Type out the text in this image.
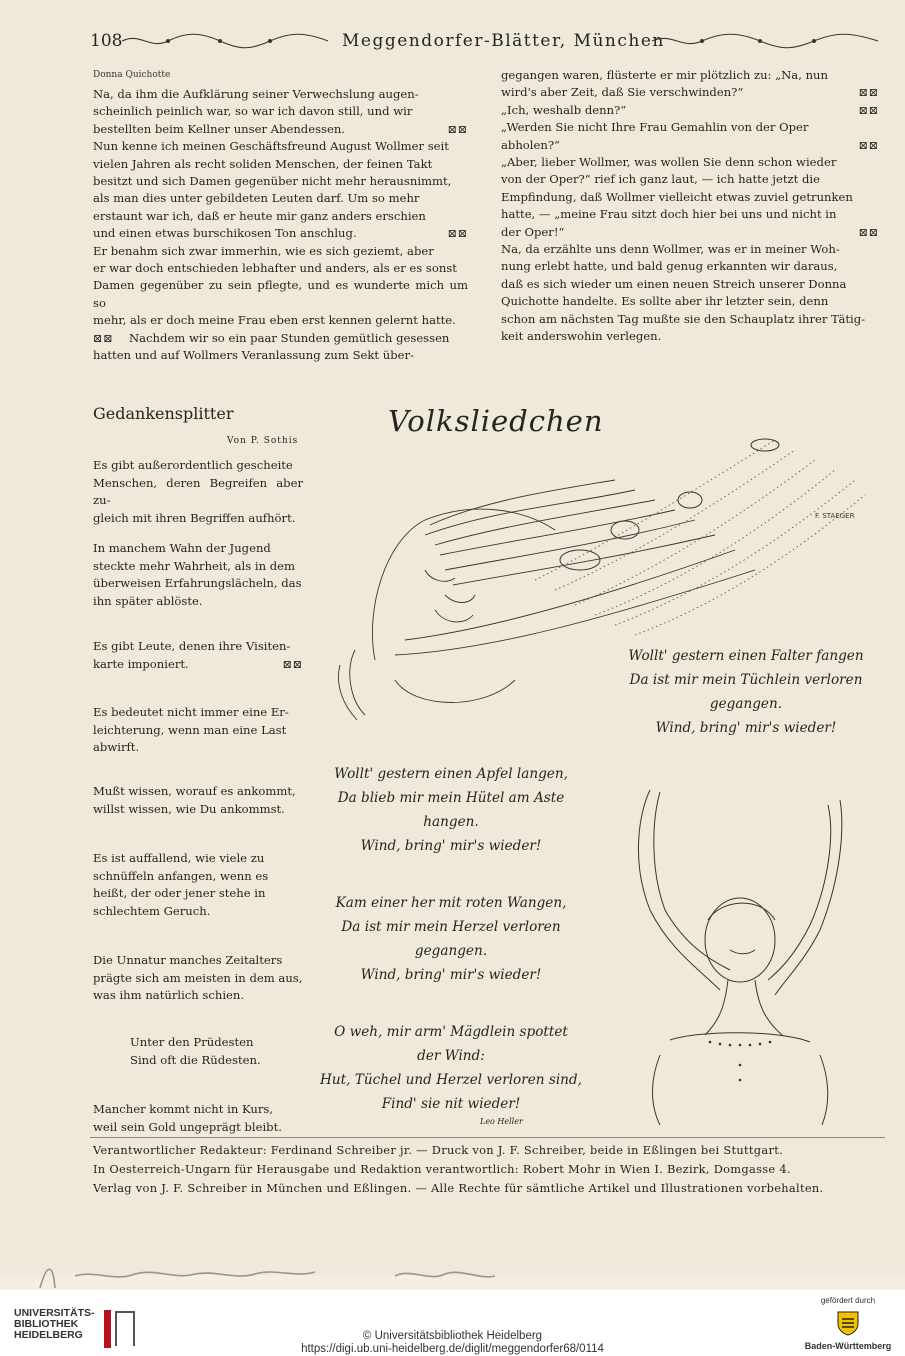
108	Meggendorfer-Blätter, München
Donna Quichotte

Na, da ihm die Aufklärung seiner Verwechslung augen-

scheinlich peinlich war, so war ich davon still, und wir

bestellten beim Kellner unser Abendessen.	⊠⊠

Nun kenne ich meinen Geschäftsfreund August Wollmer seit

vielen Jahren als recht soliden Menschen, der feinen Takt

besitzt und sich Damen gegenüber nicht mehr herausnimmt,

als man dies unter gebildeten Leuten darf. Um so mehr

erstaunt war ich, daß er heute mir ganz anders erschien

und einen etwas burschikosen Ton anschlug.	⊠⊠

Er benahm sich zwar immerhin, wie es sich geziemt, aber

er war doch entschieden lebhafter und anders, als er es sonst

Damen gegenüber zu sein pflegte, und es wunderte mich um so

mehr, als er doch meine Frau eben erst kennen gelernt hatte.

⊠⊠ Nachdem wir so ein paar Stunden gemütlich gesessen

hatten und auf Wollmers Veranlassung zum Sekt über-

gegangen waren, flüsterte er mir plötzlich zu: „Na, nun

wird's aber Zeit, daß Sie verschwinden?“	⊠⊠

„Ich, weshalb denn?“	⊠⊠

„Werden Sie nicht Ihre Frau Gemahlin von der Oper

abholen?“	⊠⊠

„Aber, lieber Wollmer, was wollen Sie denn schon wieder

von der Oper?“ rief ich ganz laut, — ich hatte jetzt die

Empfindung, daß Wollmer vielleicht etwas zuviel getrunken

hatte, — „meine Frau sitzt doch hier bei uns und nicht in

der Oper!“	⊠⊠

Na, da erzählte uns denn Wollmer, was er in meiner Woh-

nung erlebt hatte, und bald genug erkannten wir daraus,

daß es sich wieder um einen neuen Streich unserer Donna

Quichotte handelte. Es sollte aber ihr letzter sein, denn

schon am nächsten Tag mußte sie den Schauplatz ihrer Tätig-

keit anderswohin verlegen.

Gedankensplitter
Von P. Sothis

Es gibt außerordentlich gescheite

Menschen, deren Begreifen aber zu-

gleich mit ihren Begriffen aufhört.

In manchem Wahn der Jugend

steckte mehr Wahrheit, als in dem

überweisen Erfahrungslächeln, das

ihn später ablöste.

Es gibt Leute, denen ihre Visiten-

karte imponiert.	⊠⊠

Es bedeutet nicht immer eine Er-

leichterung, wenn man eine Last

abwirft.

Mußt wissen, worauf es ankommt,

willst wissen, wie Du ankommst.

Es ist auffallend, wie viele zu

schnüffeln anfangen, wenn es

heißt, der oder jener stehe in

schlechtem Geruch.

Die Unnatur manches Zeitalters

prägte sich am meisten in dem aus,

was ihm natürlich schien.

Unter den Prüdesten

Sind oft die Rüdesten.

Mancher kommt nicht in Kurs,

weil sein Gold ungeprägt bleibt.

Volksliedchen
F. STAEGER

Wollt' gestern einen Falter fangen

Da ist mir mein Tüchlein verloren

gegangen.

Wind, bring' mir's wieder!

Wollt' gestern einen Apfel langen,

Da blieb mir mein Hütel am Aste

hangen.

Wind, bring' mir's wieder!

Kam einer her mit roten Wangen,

Da ist mir mein Herzel verloren

gegangen.

Wind, bring' mir's wieder!

O weh, mir arm' Mägdlein spottet

der Wind:

Hut, Tüchel und Herzel verloren sind,

Find' sie nit wieder!

Leo Heller

Verantwortlicher Redakteur: Ferdinand Schreiber jr. — Druck von J. F. Schreiber, beide in Eßlingen bei Stuttgart.

In Oesterreich-Ungarn für Herausgabe und Redaktion verantwortlich: Robert Mohr in Wien I. Bezirk, Domgasse 4.

Verlag von J. F. Schreiber in München und Eßlingen. — Alle Rechte für sämtliche Artikel und Illustrationen vorbehalten.

UNIVERSITÄTS-
BIBLIOTHEK
HEIDELBERG	© Universitätsbibliothek Heidelberg
https://digi.ub.uni-heidelberg.de/diglit/meggendorfer68/0114
gefördert durch
Baden-Württemberg
